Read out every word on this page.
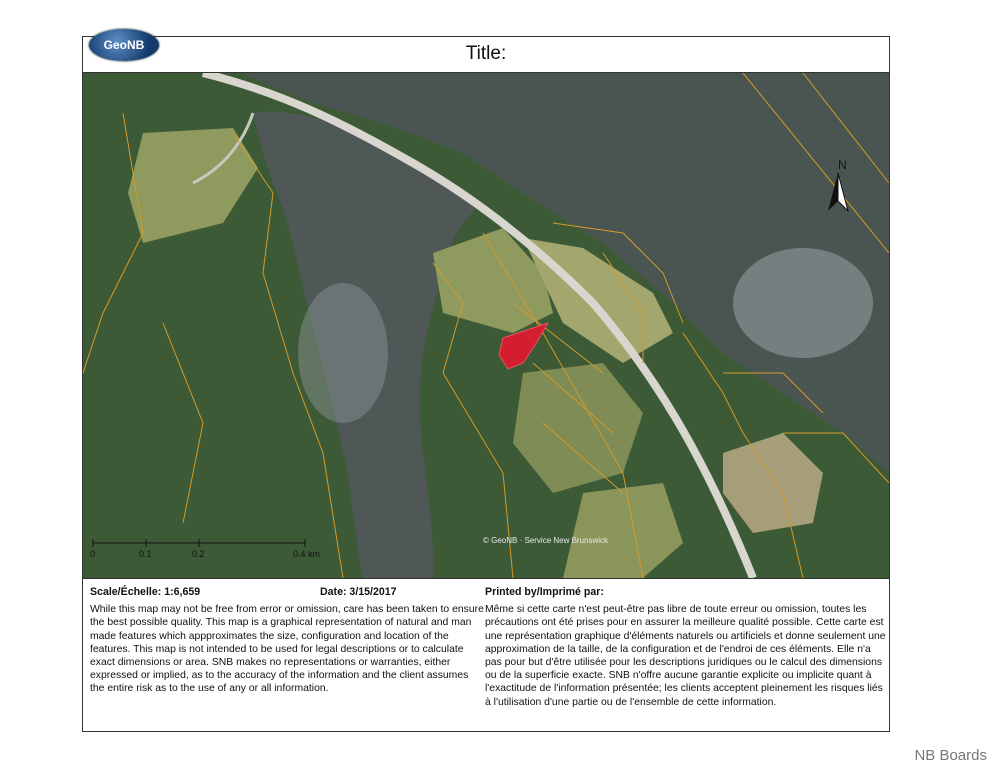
GeoNB	Title:
N
0	0.1	0.2	0.4 km
© GeoNB · Service New Brunswick
Scale/Échelle: 1:6,659	Date: 3/15/2017

While this map may not be free from error or omission, care has been taken to ensure the best possible quality. This map is a graphical representation of natural and man made features which appproximates the size, configuration and location of the features. This map is not intended to be used for legal descriptions or to calculate exact dimensions or area. SNB makes no representations or warranties, either expressed or implied, as to the accuracy of the information and the client assumes the entire risk as to the use of any or all information.

Printed by/Imprimé par:

Même si cette carte n'est peut-être pas libre de toute erreur ou omission, toutes les précautions ont été prises pour en assurer la meilleure qualité possible. Cette carte est une représentation graphique d'éléments naturels ou artificiels et donne seulement une approximation de la taille, de la configuration et de l'endroi de ces éléments. Elle n'a pas pour but d'être utilisée pour les descriptions juridiques ou le calcul des dimensions ou de la superficie exacte. SNB n'offre aucune garantie explicite ou implicite quant à l'exactitude de l'information présentée; les clients acceptent pleinement les risques liés à l'utilisation d'une partie ou de l'ensemble de cette information.

NB Boards
